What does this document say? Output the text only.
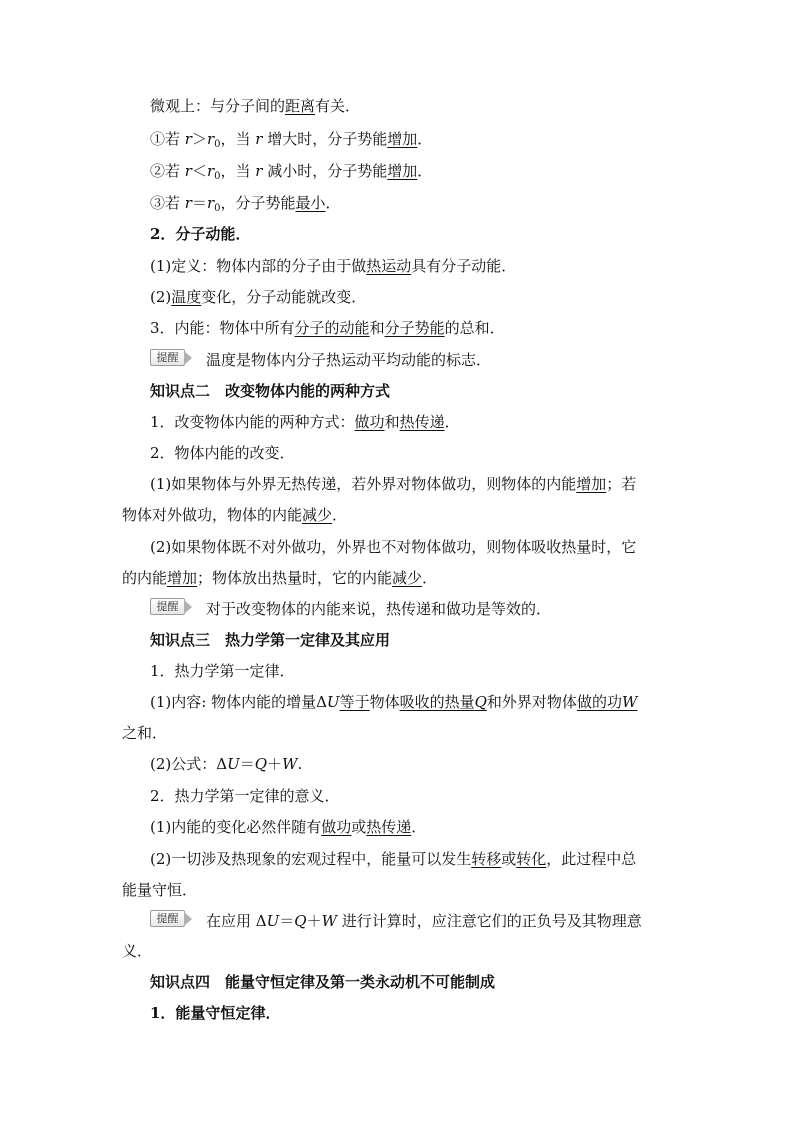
微观上：与分子间的距离有关．
①若 $r>r_0$，当 r 增大时，分子势能增加．
②若 $r<r_0$，当 r 减小时，分子势能增加．
③若 $r=r_0$，分子势能最小．
2．分子动能．
(1)定义：物体内部的分子由于做热运动具有分子动能．
(2)温度变化，分子动能就改变．
3．内能：物体中所有分子的动能和分子势能的总和．
提醒	温度是物体内分子热运动平均动能的标志．
知识点二　改变物体内能的两种方式
1．改变物体内能的两种方式：做功和热传递．
2．物体内能的改变．
(1)如果物体与外界无热传递，若外界对物体做功，则物体的内能增加；若
物体对外做功，物体的内能减少．
(2)如果物体既不对外做功，外界也不对物体做功，则物体吸收热量时，它
的内能增加；物体放出热量时，它的内能减少．
提醒	对于改变物体的内能来说，热传递和做功是等效的．
知识点三　热力学第一定律及其应用
1．热力学第一定律．
(1)内容: 物体内能的增量ΔU等于物体吸收的热量Q和外界对物体做的功W
之和．
(2)公式：ΔU＝Q＋W.
2．热力学第一定律的意义．
(1)内能的变化必然伴随有做功或热传递．
(2)一切涉及热现象的宏观过程中，能量可以发生转移或转化，此过程中总
能量守恒．
提醒	在应用 ΔU＝Q＋W 进行计算时，应注意它们的正负号及其物理意
义．
知识点四　能量守恒定律及第一类永动机不可能制成
1．能量守恒定律．
